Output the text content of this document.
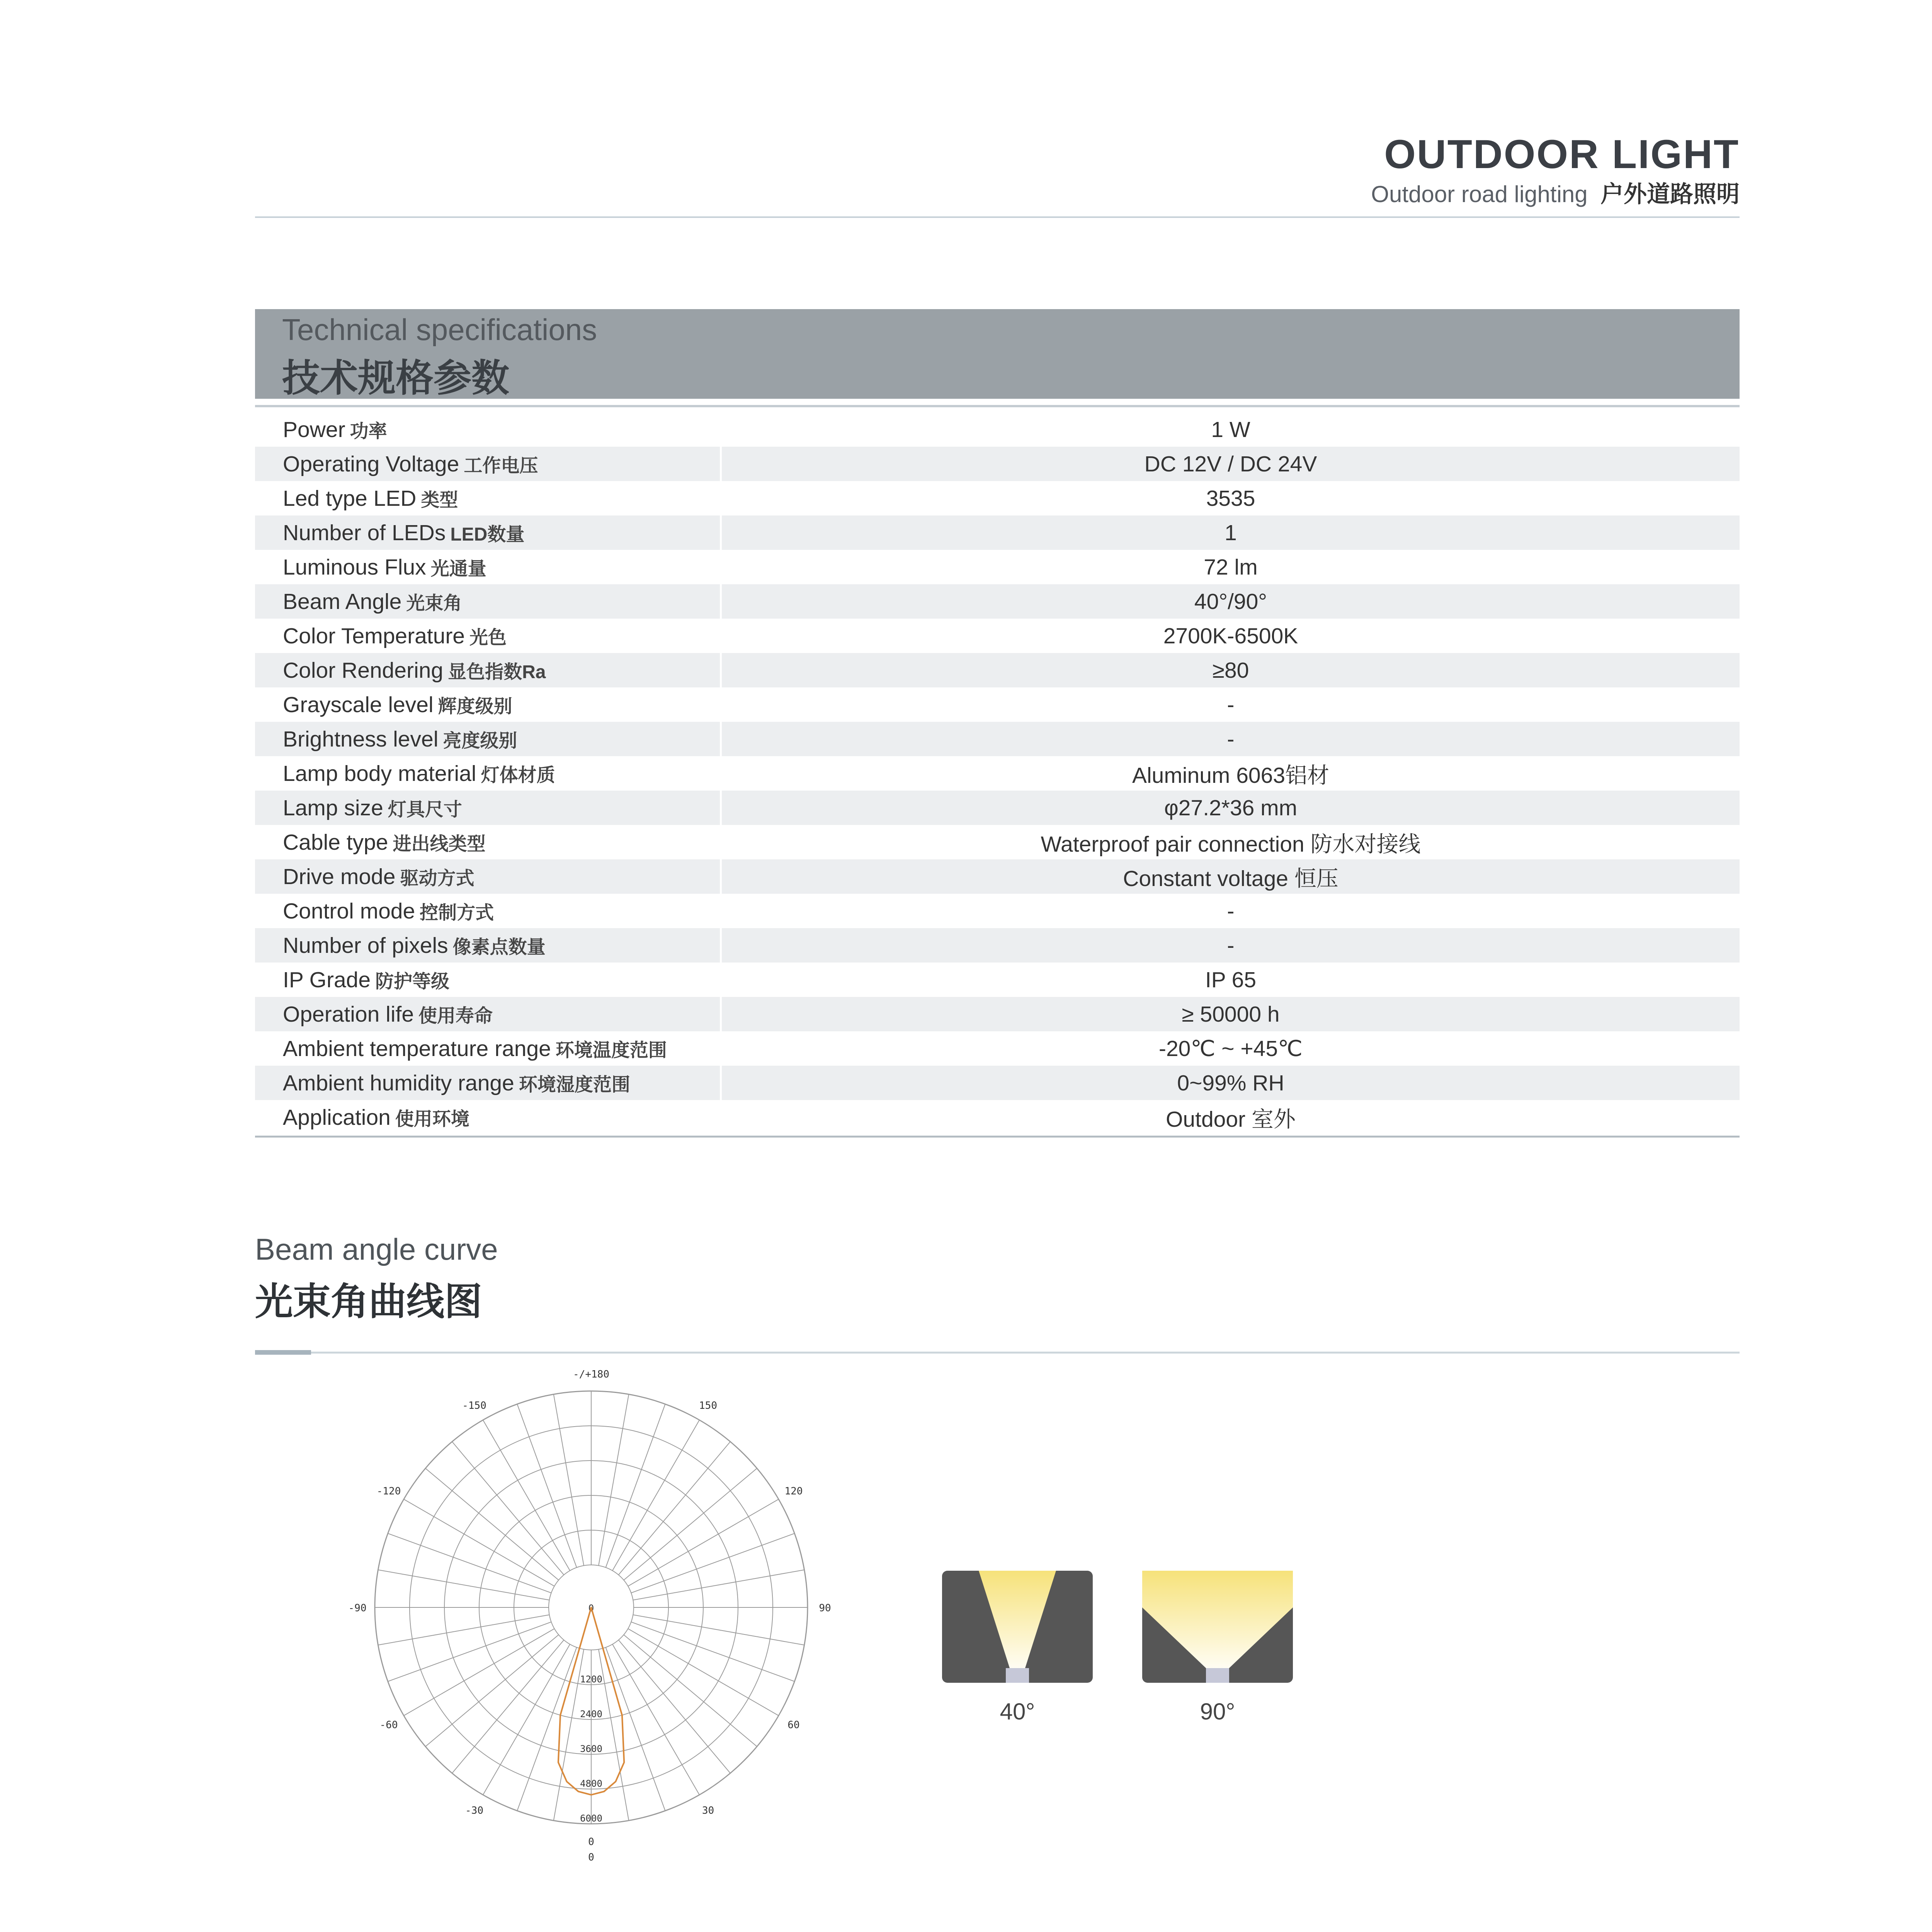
OUTDOOR LIGHT
Outdoor road lighting 户外道路照明
Technical specifications
技术规格参数
Power 功率	1 W
Operating Voltage 工作电压	DC 12V / DC 24V
Led type LED 类型	3535
Number of LEDs LED数量	1
Luminous Flux 光通量	72 lm
Beam Angle 光束角	40°/90°
Color Temperature 光色	2700K-6500K
Color Rendering 显色指数Ra	≥80
Grayscale level 辉度级别	-
Brightness level 亮度级别	-
Lamp body material 灯体材质	Aluminum 6063铝材
Lamp size 灯具尺寸	φ27.2*36 mm
Cable type 进出线类型	Waterproof pair connection 防水对接线
Drive mode 驱动方式	Constant voltage 恒压
Control mode 控制方式	-
Number of pixels 像素点数量	-
IP Grade 防护等级	IP 65
Operation life 使用寿命	≥ 50000 h
Ambient temperature range 环境温度范围	-20℃ ~ +45℃
Ambient humidity range 环境湿度范围	0~99% RH
Application 使用环境	Outdoor 室外
Beam angle curve
光束角曲线图
-/+180
150
120
90
60
30
0
-30
-60
-90
-120
-150
0
0
1200
2400
3600
4800
6000
40°	90°
